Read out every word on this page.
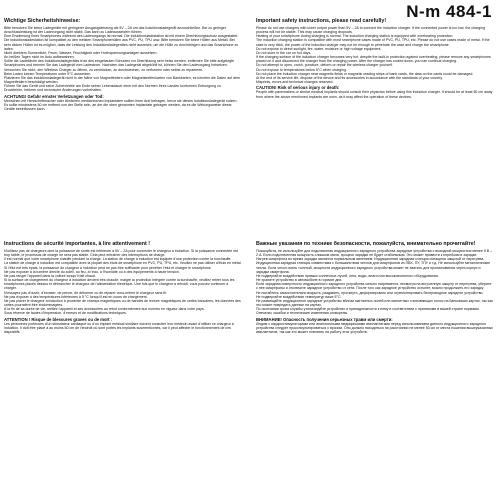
N-m 484-1
Wichtige Sicherheitshinweise:

Bitte benutzen Sie keine Ladegeräte mit geringerer Ausgangsleistung als 5V – 2A um das Induktionsladegerät anzuschließen. Bei zu geringer Anschlussleistung ist der Ladevorgang nicht stabil. Das kann zu Ladeaussetzern führen.

Eine Erwärmung Ihres Smartphones während des Ladevorgangs ist normal. Die Induktionsladestation ist mit einem Überhitzungsschutz ausgestattet.

Die Induktionsladestation ist kompatibel zu den meisten Smartphonehüllen aus PVC, PU, TPU usw. Bitte benutzen Sie keine Hüllen aus Metall. Bei sehr dicken Hüllen ist es möglich, dass die Leistung des Induktionsladegerätes nicht ausreicht, um die Hülle zu durchdringen und das Smartphone zu laden.

Nicht direktem Sonnenlicht, Feuer, Wasser, Feuchtigkeit oder Hochspannungsanlagen aussetzen.

An heißen Tagen nicht im Auto aufbewahren.

Sollte die Ladefläche des Induktionsladegerätes trotz des eingebauten Schutzes vor Überhitzung sehr heiss werden, entfernen Sie bitte aufgelegte Smartphones und trennen Sie das Ladegerät vom Ladestrom. Nachdem das Ladegerät abgekühlt ist, können Sie den Ladevorgang fortsetzen.

Versuchen Sie nicht, den Wireless Charger zu öffnen, zu zerdrücken, zu durchstechen, zu verformen oder selbst zu reparieren.

Beim Laden keinen Temperaturen unter 5°C aussetzen.

Platzieren Sie das Induktionsladegerät nicht in der Nähe von Magnetfeldern oder Magnetstreifenkarten von Bankkarten, es könnten die Daten auf dem Magnetfeldern beschädigt werden.

Führen Sie das Gerät und seine Zubehörteile am Ende seiner Lebensdauer einer mit den Normen Ihres Landes konformen Entsorgung zu.

Druckfehler, Irrtümer und technische Änderungen vorbehalten.

ACHTUNG! Gefahr ernster Verletzungen oder Tod:

Menschen mit Herzschrittmacher oder ähnlichen medizinischen Implantaten sollten ihren Arzt befragen, bevor sie dieses Induktionsladegerät nutzen. Es sollte mindestens 50 cm entfernt von der Stelle sein, an der die oben genannten Implantate getragen werden, da es die Wirkungsweise dieser Geräte beeinflussen kann.

Important safety instructions, please read carefully!

Please do not use chargers with lower output power than 5V – 2A to connect the induction charger. If the connected power is too low, the charging process will not be stable. This may cause charging dropouts.

Heating of your smartphone during charging is normal. The induction charging station is equipped with overheating protection.

The induction charging station is compatible with most smartphone cases made of PVC, PU, TPU, etc. Please do not use cases made of metal. If the case is very thick, the power of the induction charger may not be enough to penetrate the case and charge the smartphone.

Do not expose to direct sunlight, fire, water, moisture or high voltage equipment.

Do not store in the car on hot days.

If the charging surface of the induction charger becomes very hot, despite the built-in protection against overheating, please remove any smartphones placed on it and disconnect the charger from the charging power. After the charger has cooled down, you can continue charging.

Do not attempt to open, crush, puncture, deform or repair the wireless charger yourself.

Do not expose to temperatures below 5°C when charging.

Do not place the induction charger near magnetic fields or magnetic reading strips of bank cards, the data on the cards could be damaged.

At the end of its service life, dispose of the device and its accessories in accordance with the standards of your country.

Misprints, errors and technical changes reserved.

CAUTION! Risk of serious injury or death:

People with pacemakers or similar medical implants should consult their physician before using this induction charger. It should be at least 50 cm away from where the above mentioned implants are worn, as it may affect the operation of these devices.

Instructions de sécurité importantes, à lire attentivement !

N'utilisez pas de chargeurs dont la puissance de sortie est inférieure à 5V – 2A pour connecter le chargeur à induction. Si la puissance connectée est trop faible, le processus de charge ne sera pas stable. Cela peut entraîner des interruptions de charge.

Il est normal que votre smartphone chauffe pendant la charge. La station de charge à induction est équipée d'une protection contre la surchauffe.

La station de charge à induction est compatible avec la plupart des étuis de smartphone en PVC, PU, TPU, etc. Veuillez ne pas utiliser d'étuis en métal. Si l'étui est très épais, la puissance du chargeur à induction peut ne pas être suffisante pour pénétrer l'étui et charger le smartphone.

Ne pas exposer à la lumière directe du soleil, au feu, à l'eau, à l'humidité ou à des équipements à haute tension.

Ne pas ranger l'appareil dans la voiture lorsqu'il fait chaud.

Si la surface de chargement du chargeur à induction devient très chaude, malgré la protection intégrée contre la surchauffe, veuillez retirer tous les smartphones placés dessus et débrancher le chargeur de l'alimentation électrique. Une fois que le chargeur a refroidi, vous pouvez continuer à charger.

N'essayez pas d'ouvrir, d'écraser, de percer, de déformer ou de réparer vous-même le chargeur sans fil.

Ne pas exposer à des températures inférieures à 5 °C lorsqu'il est en cours de chargement.

Ne pas placer le chargeur à induction à proximité de champs magnétiques ou de bandes de lecture magnétiques de cartes bancaires, les données des cartes pourraient être endommagées.

À la fin de sa durée de vie, mettez l'appareil et ses accessoires au rebut conformément aux normes en vigueur dans votre pays.

Sous réserve de fautes d'impression, d'erreurs et de modifications techniques.

ATTENTION ! Risque de blessures graves ou de mort :

Les personnes porteuses d'un stimulateur cardiaque ou d'un implant médical similaire doivent consulter leur médecin avant d'utiliser ce chargeur à induction. Il doit être placé à au moins 50 cm de l'endroit où sont portés les implants susmentionnés, car il peut affecter le fonctionnement de ces dispositifs.

Важные указания по технике безопасности, пожалуйста, внимательно прочитайте!

Пожалуйста, не используйте для подключения индукционного зарядного устройства зарядные устройства с выходной мощностью менее 5 В – 2 А. Если подключенная мощность слишком мала, процесс зарядки не будет стабильным. Это может привести к перебоям в зарядке.

Нагрев смартфона во время зарядки является нормальным явлением. Индукционная зарядная станция оснащена защитой от перегрева.

Индукционная зарядная станция совместима с большинством чехлов для смартфонов из ПВХ, ПУ, ТПУ и т.д. Не используйте металлические чехлы. Если чехол очень толстый, мощности индукционного зарядного устройства может не хватить для проникновения через корпус и зарядки смартфона.

Не подвергайте воздействию прямых солнечных лучей, огня, воды, влаги или высоковольтного оборудования.

Не храните устройство в автомобиле в горячие дни.

Если зарядная поверхность индукционного зарядного устройства сильно нагревается, несмотря на встроенную защиту от перегрева, уберите с нее смартфоны и отключите зарядное устройство от сети. После того как зарядное устройство остынет, можно продолжить его зарядку.

Не пытайтесь самостоятельно вскрыть, раздавить, проткнуть, деформировать или отремонтировать беспроводное зарядное устройство.

Не подвергайте воздействию температур ниже 5°C.

Не размещайте индукционное зарядное устройство вблизи магнитных полей или магнитных считывающих полос на банковских картах, так как это может повредить данные на картах.

По окончании срока службы утилизируйте устройство и принадлежности к нему в соответствии с принятыми в вашей стране нормами.

Опечатки, ошибки и технические изменения оговорены.

ВНИМАНИЕ! Опасность получения серьезных травм или смерти:

Людям с кардиостимуляторами или аналогичными медицинскими имплантатами перед использованием данного индукционного зарядного устройства следует проконсультироваться с врачом. Оно должно находиться на расстоянии не менее 50 см от места ношения вышеуказанных имплантатов, так как это может повлиять на работу этих устройств.
